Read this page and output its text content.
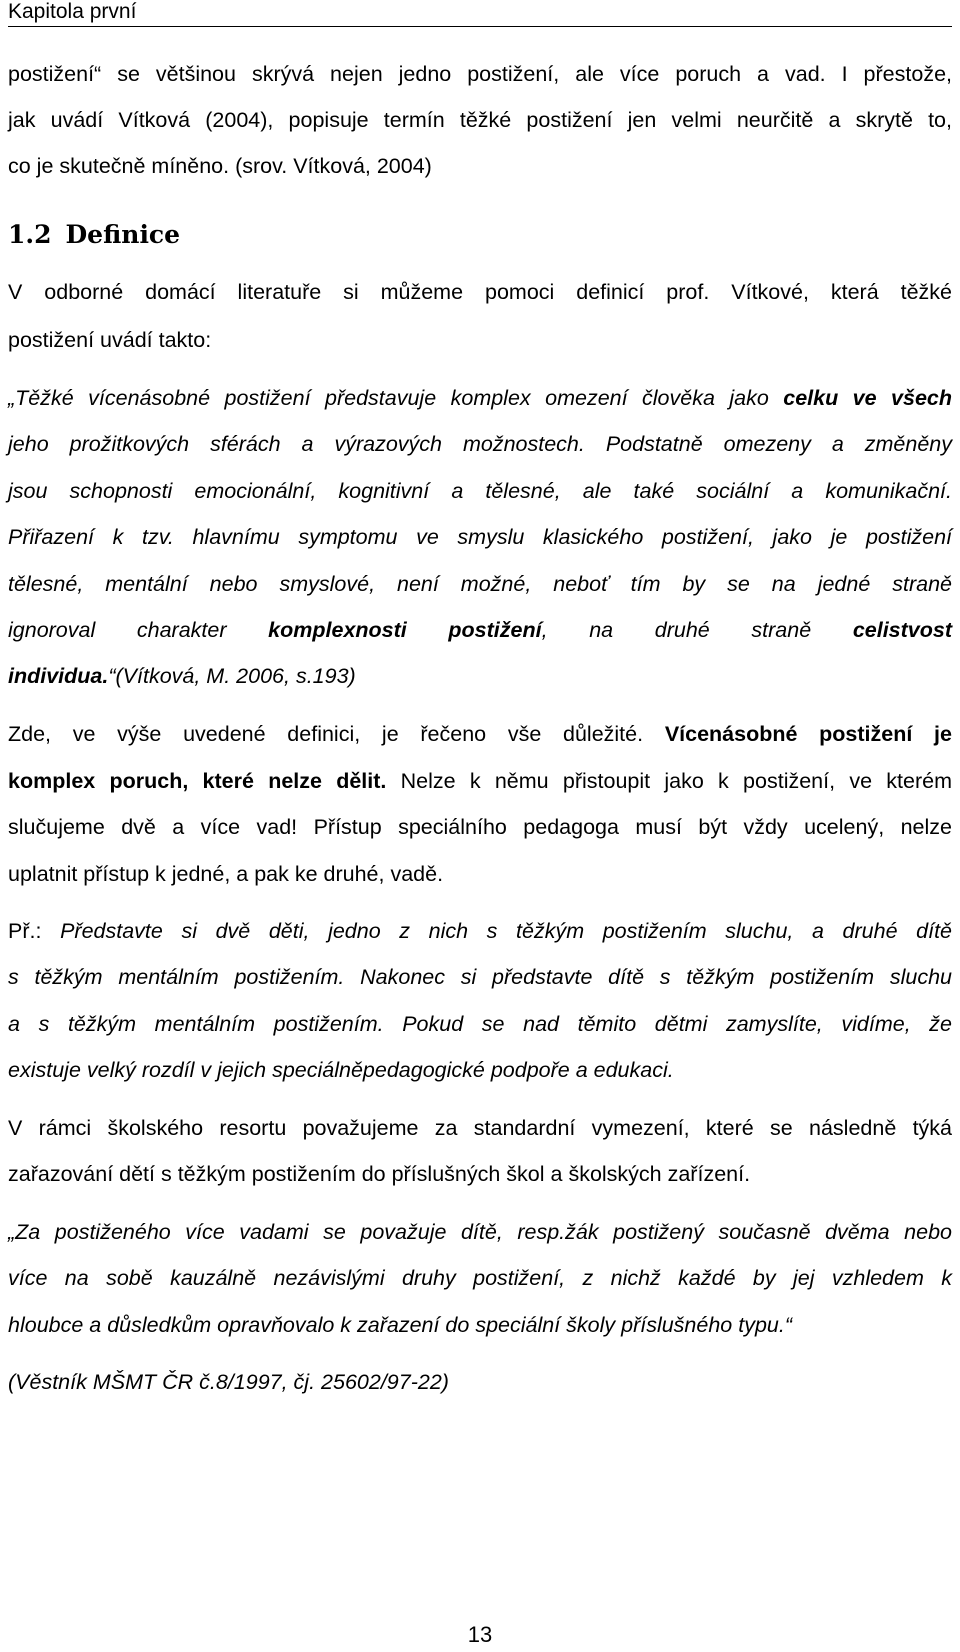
Kapitola první
postižení“ se většinou skrývá nejen jedno postižení, ale více poruch a vad. I přestože,
jak uvádí Vítková (2004), popisuje termín těžké postižení jen velmi neurčitě a skrytě to,
co je skutečně míněno. (srov. Vítková, 2004)
1.2 Definice
V odborné domácí literatuře si můžeme pomoci definicí prof. Vítkové, která těžké
postižení uvádí takto:
„Těžké vícenásobné postižení představuje komplex omezení člověka jako celku ve všech
jeho prožitkových sférách a výrazových možnostech. Podstatně omezeny a změněny
jsou schopnosti emocionální, kognitivní a tělesné, ale také sociální a komunikační.
Přiřazení k tzv. hlavnímu symptomu ve smyslu klasického postižení, jako je postižení
tělesné, mentální nebo smyslové, není možné, neboť tím by se na jedné straně
ignoroval charakter komplexnosti postižení, na druhé straně celistvost
individua.“(Vítková, M. 2006, s.193)
Zde, ve výše uvedené definici, je řečeno vše důležité. Vícenásobné postižení je
komplex poruch, které nelze dělit. Nelze k němu přistoupit jako k postižení, ve kterém
slučujeme dvě a více vad! Přístup speciálního pedagoga musí být vždy ucelený, nelze
uplatnit přístup k jedné, a pak ke druhé, vadě.
Př.: Představte si dvě děti, jedno z nich s těžkým postižením sluchu, a druhé dítě
s těžkým mentálním postižením. Nakonec si představte dítě s těžkým postižením sluchu
a s těžkým mentálním postižením. Pokud se nad těmito dětmi zamyslíte, vidíme, že
existuje velký rozdíl v jejich speciálněpedagogické podpoře a edukaci.
V rámci školského resortu považujeme za standardní vymezení, které se následně týká
zařazování dětí s těžkým postižením do příslušných škol a školských zařízení.
„Za postiženého více vadami se považuje dítě, resp.žák postižený současně dvěma nebo
více na sobě kauzálně nezávislými druhy postižení, z nichž každé by jej vzhledem k
hloubce a důsledkům opravňovalo k zařazení do speciální školy příslušného typu.“
(Věstník MŠMT ČR č.8/1997, čj. 25602/97-22)
13
